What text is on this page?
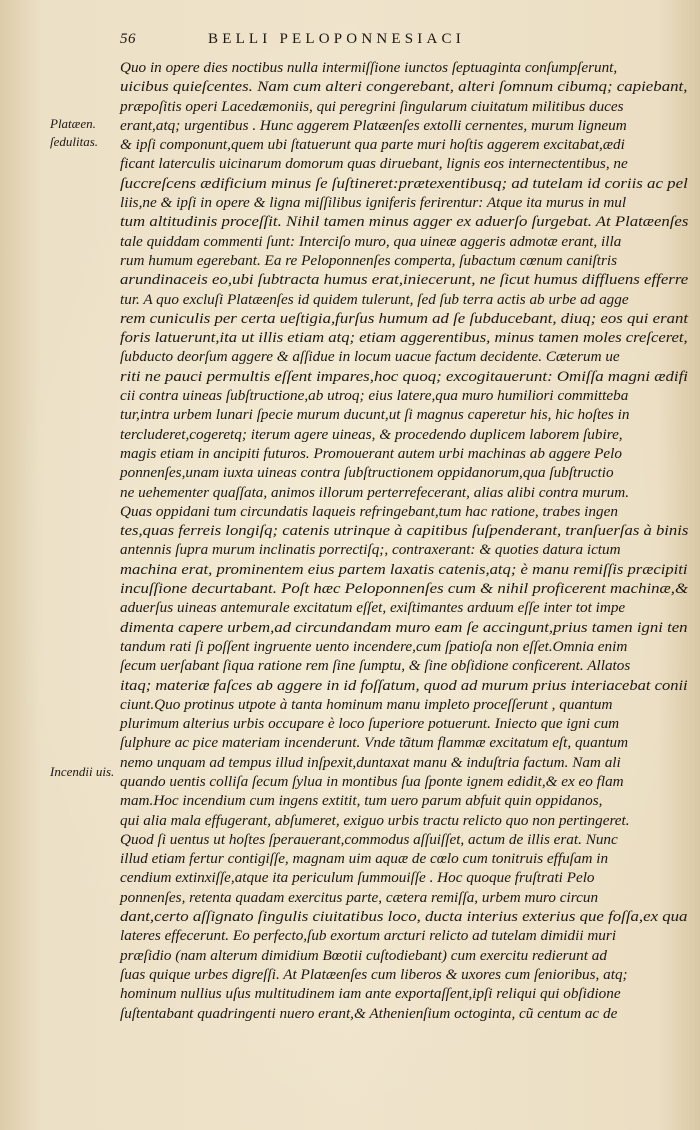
56	BELLI PELOPONNESIACI
Platæen.
ſedulitas.
Incendii uis.
Quo in opere dies noctibus nulla intermiſſione iunctos ſeptuaginta conſumpſerunt,
uicibus quieſcentes. Nam cum alteri congerebant, alteri ſomnum cibumq; capiebant,
præpoſitis operi Lacedæmoniis, qui peregrini ſingularum ciuitatum militibus duces
erant,atq; urgentibus . Hunc aggerem Platæenſes extolli cernentes, murum ligneum
& ipſi componunt,quem ubi ſtatuerunt qua parte muri hoſtis aggerem excitabat,ædi
ficant laterculis uicinarum domorum quas diruebant, lignis eos internectentibus, ne
ſuccreſcens ædificium minus ſe ſuſtineret:prætexentibusq; ad tutelam id coriis ac pel
liis,ne & ipſi in opere & ligna miſſilibus igniferis ferirentur: Atque ita murus in mul
tum altitudinis proceſſit. Nihil tamen minus agger ex aduerſo ſurgebat. At Platæenſes
tale quiddam commenti ſunt: Interciſo muro, qua uineæ aggeris admotæ erant, illa
rum humum egerebant. Ea re Peloponnenſes comperta, ſubactum cœnum caniſtris
arundinaceis eo,ubi ſubtracta humus erat,iniecerunt, ne ſicut humus diffluens efferre
tur. A quo excluſi Platæenſes id quidem tulerunt, ſed ſub terra actis ab urbe ad agge
rem cuniculis per certa ueſtigia,furſus humum ad ſe ſubducebant, diuq; eos qui erant
foris latuerunt,ita ut illis etiam atq; etiam aggerentibus, minus tamen moles creſceret,
ſubducto deorſum aggere & aſſidue in locum uacue factum decidente. Cæterum ue
riti ne pauci permultis eſſent impares,hoc quoq; excogitauerunt: Omiſſa magni ædifi
cii contra uineas ſubſtructione,ab utroq; eius latere,qua muro humiliori committeba
tur,intra urbem lunari ſpecie murum ducunt,ut ſi magnus caperetur his, hic hoſtes in
tercluderet,cogeretq; iterum agere uineas, & procedendo duplicem laborem ſubire,
magis etiam in ancipiti futuros. Promouerant autem urbi machinas ab aggere Pelo
ponnenſes,unam iuxta uineas contra ſubſtructionem oppidanorum,qua ſubſtructio
ne uehementer quaſſata, animos illorum perterrefecerant, alias alibi contra murum.
Quas oppidani tum circundatis laqueis refringebant,tum hac ratione, trabes ingen
tes,quas ferreis longiſq; catenis utrinque à capitibus ſuſpenderant, tranſuerſas à binis
antennis ſupra murum inclinatis porrectiſq;, contraxerant: & quoties datura ictum
machina erat, prominentem eius partem laxatis catenis,atq; è manu remiſſis præcipiti
incuſſione decurtabant. Poſt hæc Peloponnenſes cum & nihil proficerent machinæ,&
aduerſus uineas antemurale excitatum eſſet, exiſtimantes arduum eſſe inter tot impe
dimenta capere urbem,ad circundandam muro eam ſe accingunt,prius tamen igni ten
tandum rati ſi poſſent ingruente uento incendere,cum ſpatioſa non eſſet.Omnia enim
ſecum uerſabant ſiqua ratione rem ſine ſumptu, & ſine obſidione conficerent. Allatos
itaq; materiæ faſces ab aggere in id foſſatum, quod ad murum prius interiacebat conii
ciunt.Quo protinus utpote à tanta hominum manu impleto proceſſerunt , quantum
plurimum alterius urbis occupare è loco ſuperiore potuerunt. Iniecto que igni cum
ſulphure ac pice materiam incenderunt. Vnde tãtum flammæ excitatum eſt, quantum
nemo unquam ad tempus illud inſpexit,duntaxat manu & induſtria factum. Nam ali
quando uentis colliſa ſecum ſylua in montibus ſua ſponte ignem edidit,& ex eo flam
mam.Hoc incendium cum ingens extitit, tum uero parum abfuit quin oppidanos,
qui alia mala effugerant, abſumeret, exiguo urbis tractu relicto quo non pertingeret.
Quod ſi uentus ut hoſtes ſperauerant,commodus aſſuiſſet, actum de illis erat. Nunc
illud etiam fertur contigiſſe, magnam uim aquæ de cœlo cum tonitruis effuſam in
cendium extinxiſſe,atque ita periculum ſummouiſſe . Hoc quoque fruſtrati Pelo
ponnenſes, retenta quadam exercitus parte, cætera remiſſa, urbem muro circun
dant,certo aſſignato ſingulis ciuitatibus loco, ducta interius exterius que foſſa,ex qua
lateres effecerunt. Eo perfecto,ſub exortum arcturi relicto ad tutelam dimidii muri
præſidio (nam alterum dimidium Bœotii cuſtodiebant) cum exercitu redierunt ad
ſuas quique urbes digreſſi. At Platæenſes cum liberos & uxores cum ſenioribus, atq;
hominum nullius uſus multitudinem iam ante exportaſſent,ipſi reliqui qui obſidione
ſuſtentabant quadringenti nuero erant,& Athenienſium octoginta, cũ centum ac de
